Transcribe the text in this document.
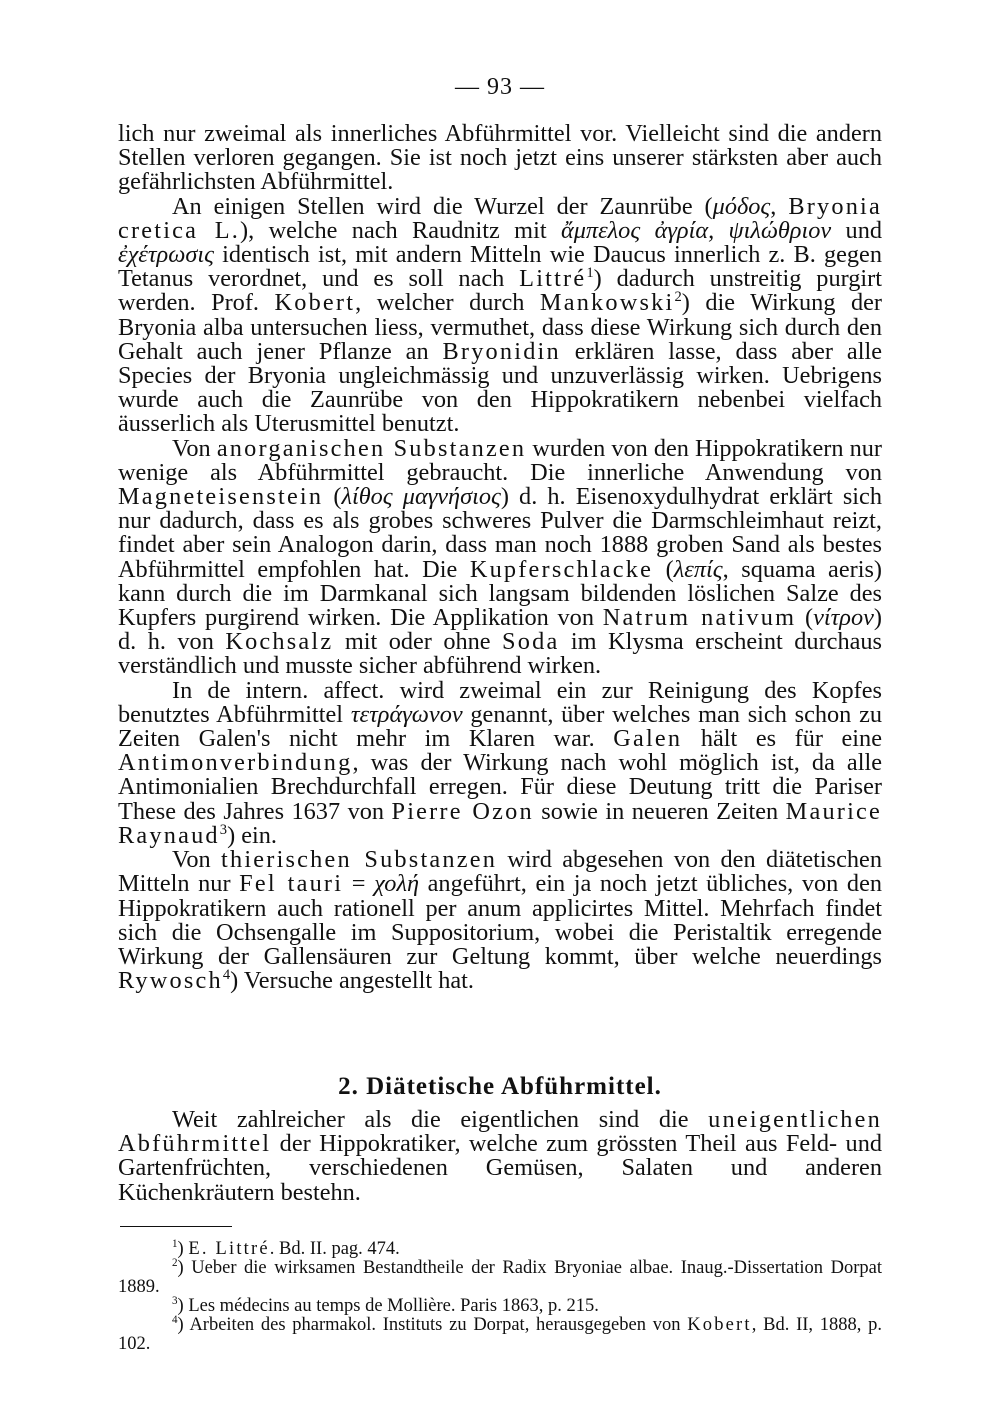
— 93 —

lich nur zweimal als innerliches Abführmittel vor. Vielleicht sind die andern Stellen verloren gegangen. Sie ist noch jetzt eins unserer stärksten aber auch gefährlichsten Abführmittel.

An einigen Stellen wird die Wurzel der Zaunrübe (μόδος, Bryonia cretica L.), welche nach Raudnitz mit ἄμπελος ἀγρία, ψιλώθριον und ἐχέτρωσις identisch ist, mit andern Mitteln wie Daucus innerlich z. B. gegen Tetanus verordnet, und es soll nach Littré$^1$) dadurch unstreitig purgirt werden. Prof. Kobert, welcher durch Mankowski$^2$) die Wirkung der Bryonia alba untersuchen liess, vermuthet, dass diese Wirkung sich durch den Gehalt auch jener Pflanze an Bryonidin erklären lasse, dass aber alle Species der Bryonia ungleichmässig und unzuverlässig wirken. Uebrigens wurde auch die Zaunrübe von den Hippokratikern nebenbei vielfach äusserlich als Uterusmittel benutzt.

Von anorganischen Substanzen wurden von den Hippokratikern nur wenige als Abführmittel gebraucht. Die innerliche Anwendung von Magneteisenstein (λίθος μαγνήσιος) d. h. Eisenoxydulhydrat erklärt sich nur dadurch, dass es als grobes schweres Pulver die Darmschleimhaut reizt, findet aber sein Analogon darin, dass man noch 1888 groben Sand als bestes Abführmittel empfohlen hat. Die Kupferschlacke (λεπίς, squama aeris) kann durch die im Darmkanal sich langsam bildenden löslichen Salze des Kupfers purgirend wirken. Die Applikation von Natrum nativum (νίτρον) d. h. von Kochsalz mit oder ohne Soda im Klysma erscheint durchaus verständlich und musste sicher abführend wirken.

In de intern. affect. wird zweimal ein zur Reinigung des Kopfes benutztes Abführmittel τετράγωνον genannt, über welches man sich schon zu Zeiten Galen's nicht mehr im Klaren war. Galen hält es für eine Antimonverbindung, was der Wirkung nach wohl möglich ist, da alle Antimonialien Brechdurchfall erregen. Für diese Deutung tritt die Pariser These des Jahres 1637 von Pierre Ozon sowie in neueren Zeiten Maurice Raynaud$^3$) ein.

Von thierischen Substanzen wird abgesehen von den diätetischen Mitteln nur Fel tauri = χολή angeführt, ein ja noch jetzt übliches, von den Hippokratikern auch rationell per anum applicirtes Mittel. Mehrfach findet sich die Ochsengalle im Suppositorium, wobei die Peristaltik erregende Wirkung der Gallensäuren zur Geltung kommt, über welche neuerdings Rywosch$^4$) Versuche angestellt hat.

2. Diätetische Abführmittel.

Weit zahlreicher als die eigentlichen sind die uneigentlichen Abführmittel der Hippokratiker, welche zum grössten Theil aus Feld- und Gartenfrüchten, verschiedenen Gemüsen, Salaten und anderen Küchenkräutern bestehn.

$^1$) E. Littré. Bd. II. pag. 474.

$^2$) Ueber die wirksamen Bestandtheile der Radix Bryoniae albae. Inaug.-Dissertation Dorpat 1889.

$^3$) Les médecins au temps de Mollière. Paris 1863, p. 215.

$^4$) Arbeiten des pharmakol. Instituts zu Dorpat, herausgegeben von Kobert, Bd. II, 1888, p. 102.
